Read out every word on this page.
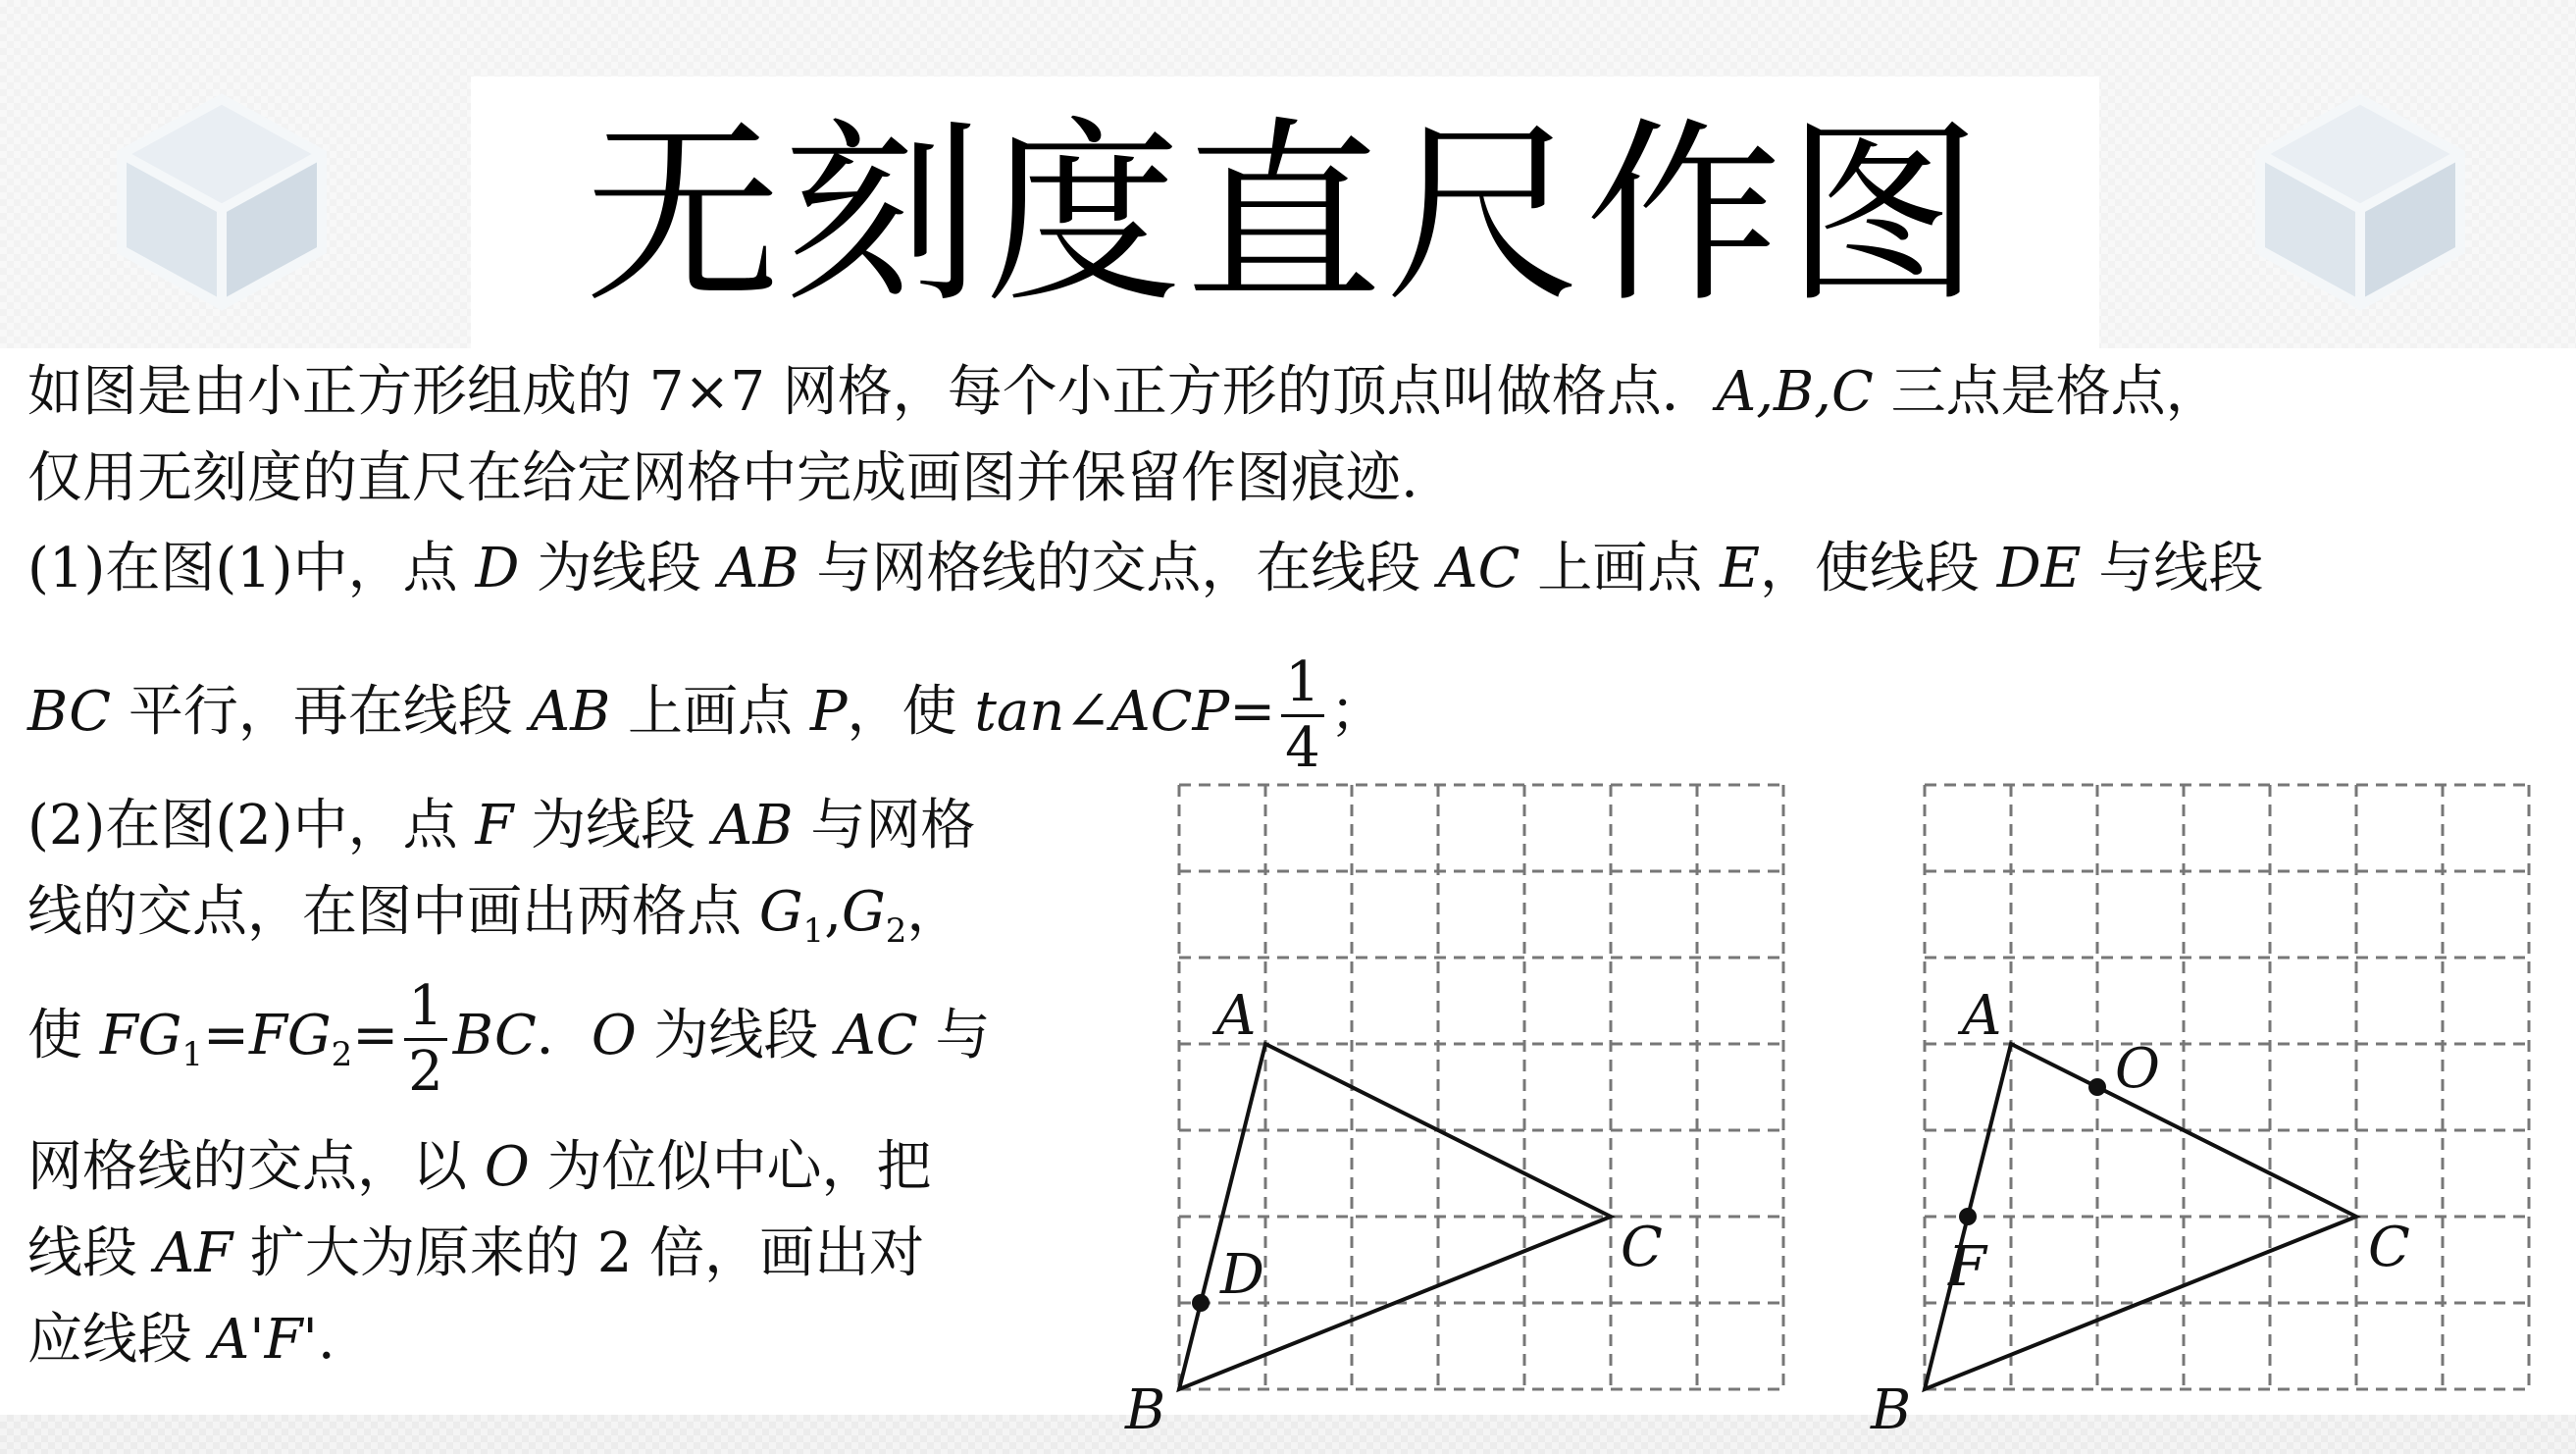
无刻度直尺作图

如图是由小正方形组成的 7×7 网格，每个小正方形的顶点叫做格点．A,B,C 三点是格点，

仅用无刻度的直尺在给定网格中完成画图并保留作图痕迹.

(1)在图(1)中，点 D 为线段 AB 与网格线的交点，在线段 AC 上画点 E，使线段 DE 与线段

BC 平行，再在线段 AB 上画点 P，使 tan∠ACP= $\frac{1}{4}$ ；

(2)在图(2)中，点 F 为线段 AB 与网格

线的交点，在图中画出两格点 $G_1,G_2$，

使 $FG_1=FG_2= \frac{1}{2}$ BC．O 为线段 AC 与

网格线的交点，以 O 为位似中心，把

线段 AF 扩大为原来的 2 倍，画出对

应线段 A'F'.

A
B
C
D
A
B
C
F
O
